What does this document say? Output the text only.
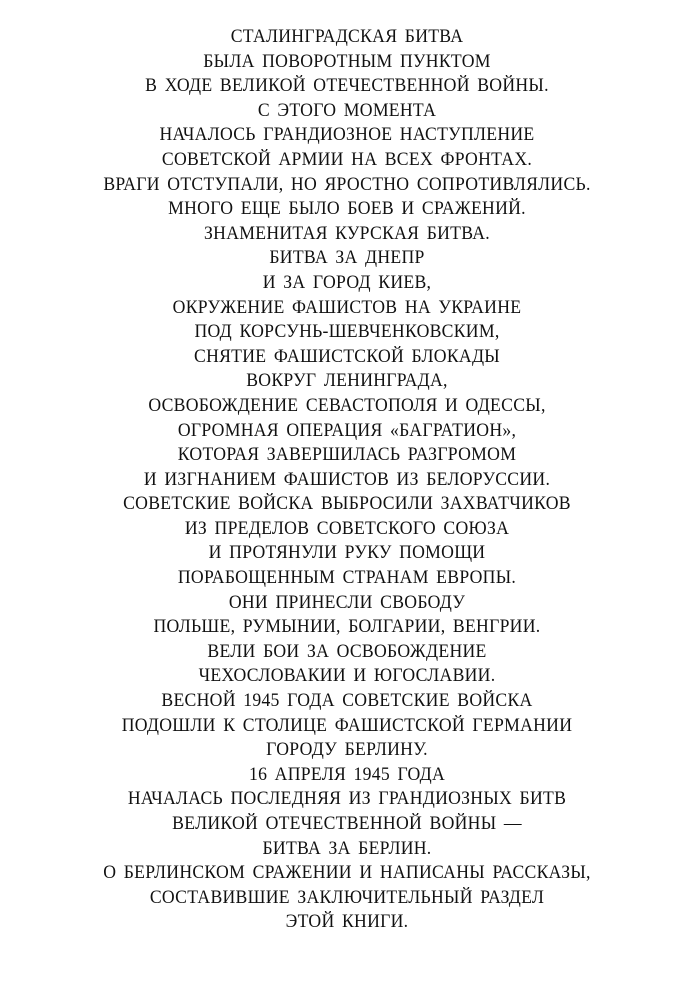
СТАЛИНГРАДСКАЯ БИТВА
БЫЛА ПОВОРОТНЫМ ПУНКТОМ
В ХОДЕ ВЕЛИКОЙ ОТЕЧЕСТВЕННОЙ ВОЙНЫ.
С ЭТОГО МОМЕНТА
НАЧАЛОСЬ ГРАНДИОЗНОЕ НАСТУПЛЕНИЕ
СОВЕТСКОЙ АРМИИ НА ВСЕХ ФРОНТАХ.
ВРАГИ ОТСТУПАЛИ, НО ЯРОСТНО СОПРОТИВЛЯЛИСЬ.
МНОГО ЕЩЕ БЫЛО БОЕВ И СРАЖЕНИЙ.
ЗНАМЕНИТАЯ КУРСКАЯ БИТВА.
БИТВА ЗА ДНЕПР
И ЗА ГОРОД КИЕВ,
ОКРУЖЕНИЕ ФАШИСТОВ НА УКРАИНЕ
ПОД КОРСУНЬ-ШЕВЧЕНКОВСКИМ,
СНЯТИЕ ФАШИСТСКОЙ БЛОКАДЫ
ВОКРУГ ЛЕНИНГРАДА,
ОСВОБОЖДЕНИЕ СЕВАСТОПОЛЯ И ОДЕССЫ,
ОГРОМНАЯ ОПЕРАЦИЯ «БАГРАТИОН»,
КОТОРАЯ ЗАВЕРШИЛАСЬ РАЗГРОМОМ
И ИЗГНАНИЕМ ФАШИСТОВ ИЗ БЕЛОРУССИИ.
СОВЕТСКИЕ ВОЙСКА ВЫБРОСИЛИ ЗАХВАТЧИКОВ
ИЗ ПРЕДЕЛОВ СОВЕТСКОГО СОЮЗА
И ПРОТЯНУЛИ РУКУ ПОМОЩИ
ПОРАБОЩЕННЫМ СТРАНАМ ЕВРОПЫ.
ОНИ ПРИНЕСЛИ СВОБОДУ
ПОЛЬШЕ, РУМЫНИИ, БОЛГАРИИ, ВЕНГРИИ.
ВЕЛИ БОИ ЗА ОСВОБОЖДЕНИЕ
ЧЕХОСЛОВАКИИ И ЮГОСЛАВИИ.
ВЕСНОЙ 1945 ГОДА СОВЕТСКИЕ ВОЙСКА
ПОДОШЛИ К СТОЛИЦЕ ФАШИСТСКОЙ ГЕРМАНИИ
ГОРОДУ БЕРЛИНУ.
16 АПРЕЛЯ 1945 ГОДА
НАЧАЛАСЬ ПОСЛЕДНЯЯ ИЗ ГРАНДИОЗНЫХ БИТВ
ВЕЛИКОЙ ОТЕЧЕСТВЕННОЙ ВОЙНЫ —
БИТВА ЗА БЕРЛИН.
О БЕРЛИНСКОМ СРАЖЕНИИ И НАПИСАНЫ РАССКАЗЫ,
СОСТАВИВШИЕ ЗАКЛЮЧИТЕЛЬНЫЙ РАЗДЕЛ
ЭТОЙ КНИГИ.
